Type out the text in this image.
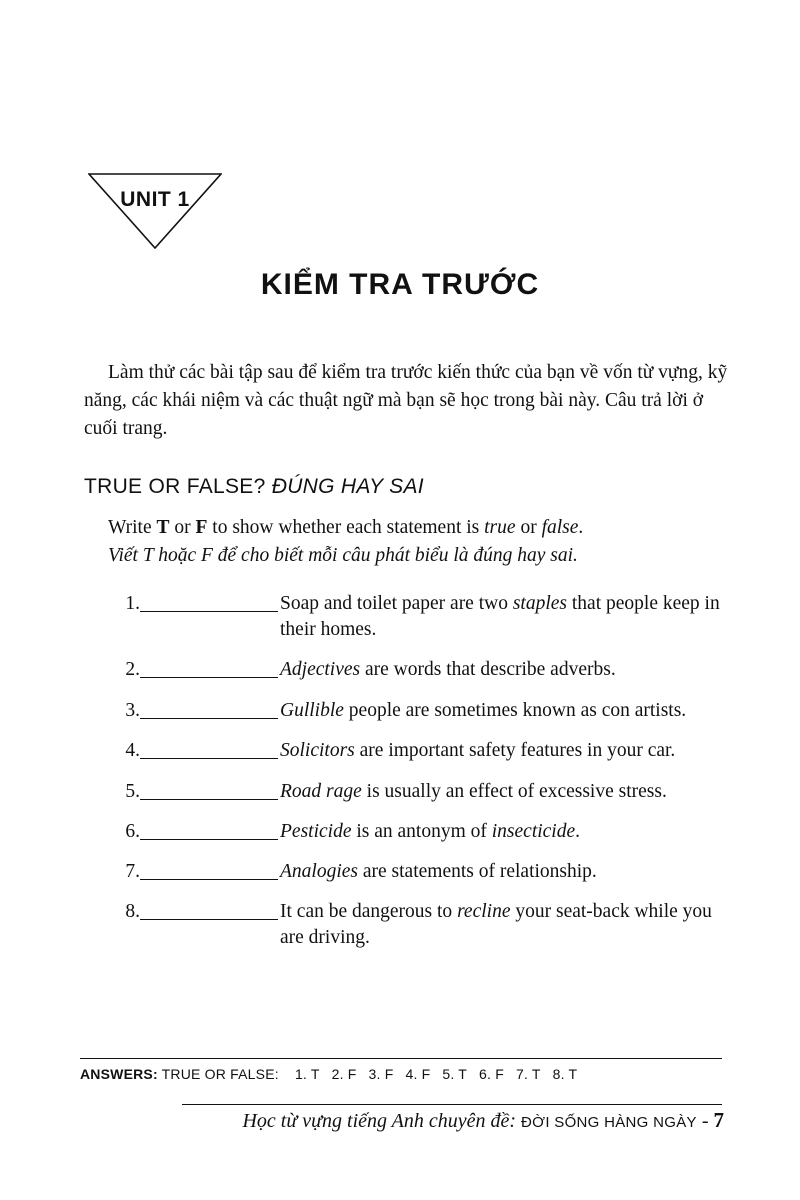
UNIT 1
KIỂM TRA TRƯỚC

Làm thử các bài tập sau để kiểm tra trước kiến thức của bạn về vốn từ vựng, kỹ năng, các khái niệm và các thuật ngữ mà bạn sẽ học trong bài này. Câu trả lời ở cuối trang.

TRUE OR FALSE? ĐÚNG HAY SAI
Write T or F to show whether each statement is true or false.
Viết T hoặc F để cho biết mỗi câu phát biểu là đúng hay sai.
1.	Soap and toilet paper are two staples that people keep in their homes.
2.	Adjectives are words that describe adverbs.
3.	Gullible people are sometimes known as con artists.
4.	Solicitors are important safety features in your car.
5.	Road rage is usually an effect of excessive stress.
6.	Pesticide is an antonym of insecticide.
7.	Analogies are statements of relationship.
8.	It can be dangerous to recline your seat-back while you are driving.
ANSWERS: TRUE OR FALSE: 1. T 2. F 3. F 4. F 5. T 6. F 7. T 8. T
Học từ vựng tiếng Anh chuyên đề: ĐỜI SỐNG HÀNG NGÀY - 7
